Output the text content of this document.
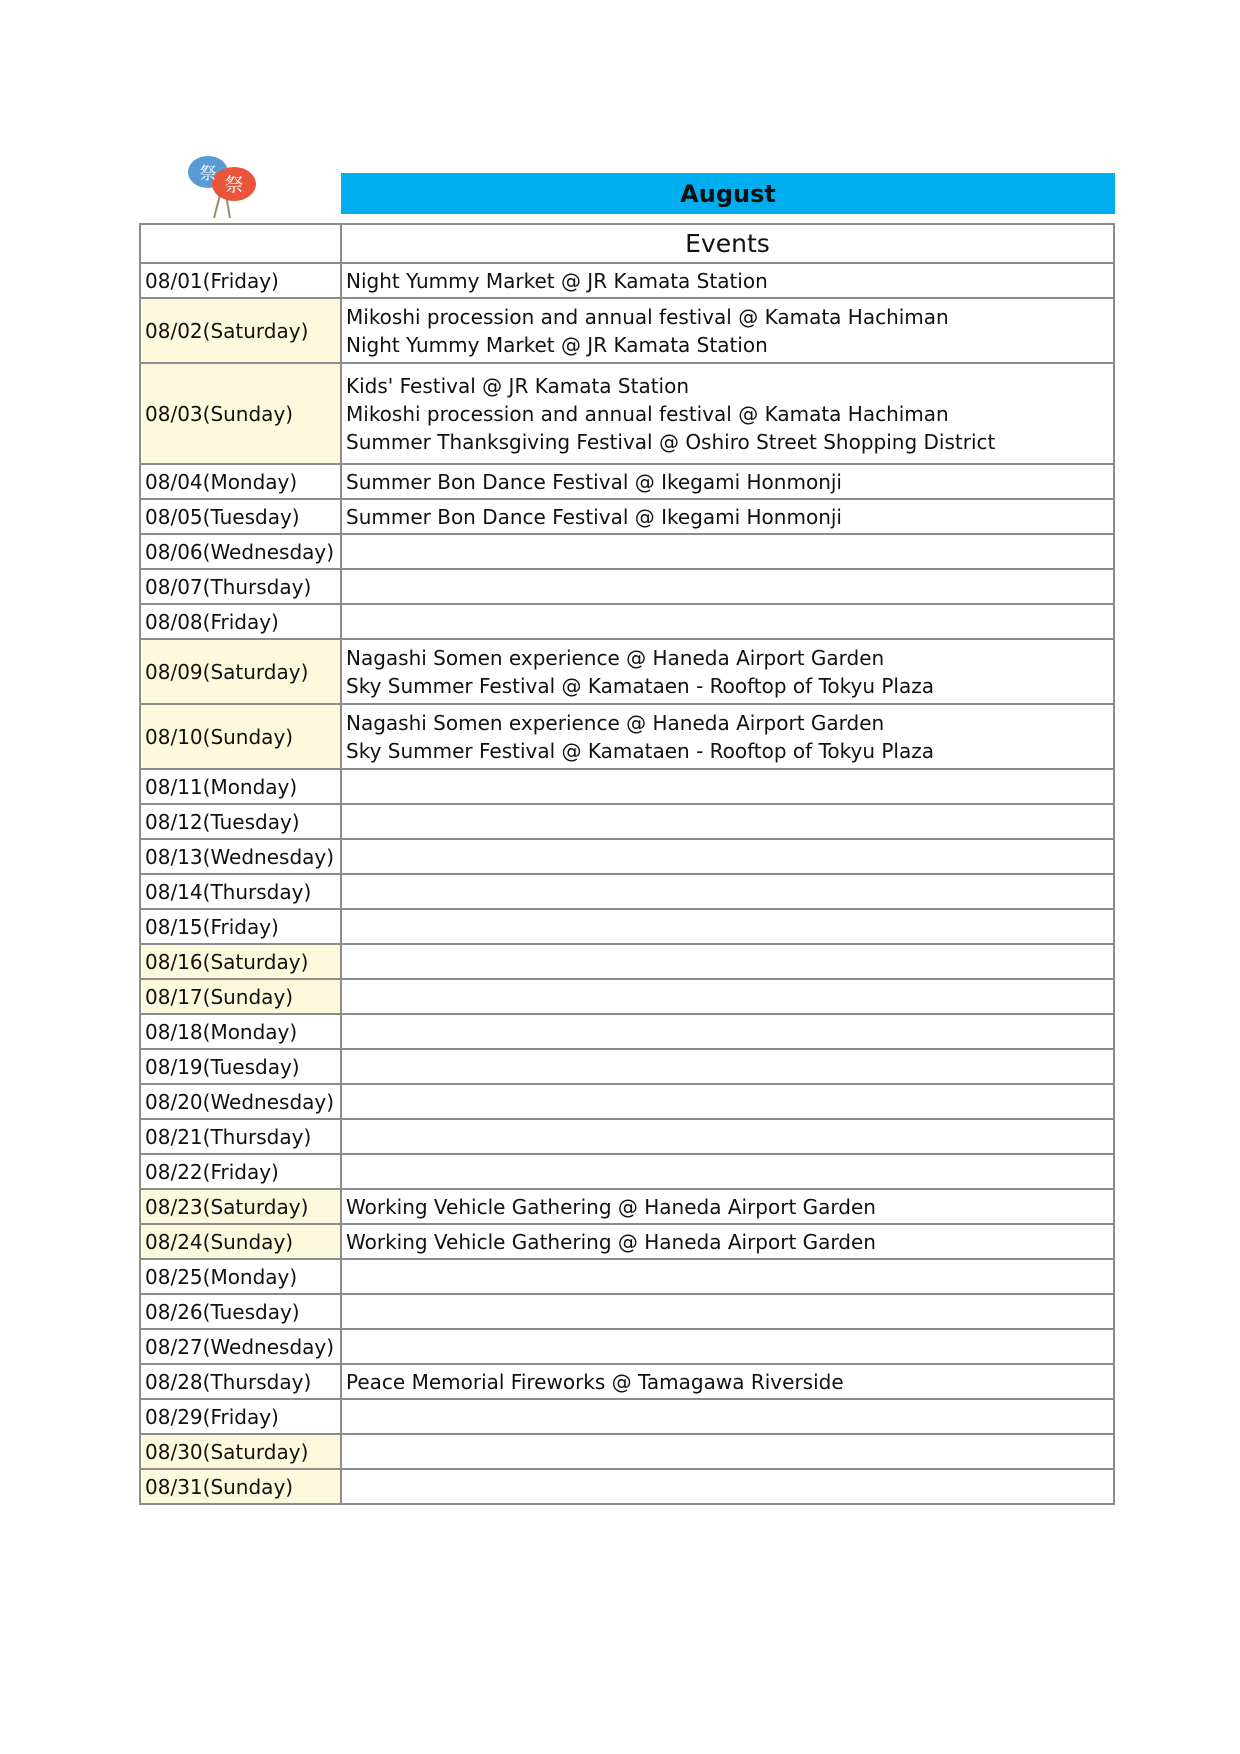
祭 祭	August
	Events
08/01(Friday)	Night Yummy Market @ JR Kamata Station

08/02(Saturday)	Mikoshi procession and annual festival @ Kamata Hachiman
Night Yummy Market @ JR Kamata Station

08/03(Sunday)	Kids' Festival @ JR Kamata Station
Mikoshi procession and annual festival @ Kamata Hachiman
Summer Thanksgiving Festival @ Oshiro Street Shopping District

08/04(Monday)	Summer Bon Dance Festival @ Ikegami Honmonji

08/05(Tuesday)	Summer Bon Dance Festival @ Ikegami Honmonji

08/06(Wednesday)	
08/07(Thursday)	
08/08(Friday)	
08/09(Saturday)	Nagashi Somen experience @ Haneda Airport Garden
Sky Summer Festival @ Kamataen - Rooftop of Tokyu Plaza

08/10(Sunday)	Nagashi Somen experience @ Haneda Airport Garden
Sky Summer Festival @ Kamataen - Rooftop of Tokyu Plaza

08/11(Monday)	
08/12(Tuesday)	
08/13(Wednesday)	
08/14(Thursday)	
08/15(Friday)	
08/16(Saturday)	
08/17(Sunday)	
08/18(Monday)	
08/19(Tuesday)	
08/20(Wednesday)	
08/21(Thursday)	
08/22(Friday)	
08/23(Saturday)	Working Vehicle Gathering @ Haneda Airport Garden

08/24(Sunday)	Working Vehicle Gathering @ Haneda Airport Garden

08/25(Monday)	
08/26(Tuesday)	
08/27(Wednesday)	
08/28(Thursday)	Peace Memorial Fireworks @ Tamagawa Riverside

08/29(Friday)	
08/30(Saturday)	
08/31(Sunday)	
